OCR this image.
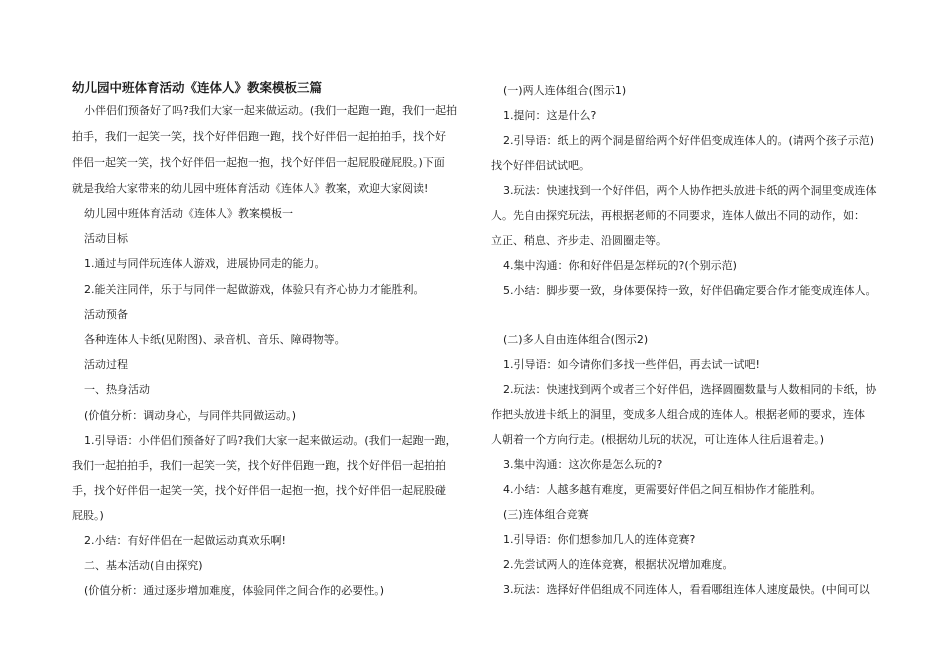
幼儿园中班体育活动《连体人》教案模板三篇
小伴侣们预备好了吗?我们大家一起来做运动。(我们一起跑一跑，我们一起拍
拍手，我们一起笑一笑，找个好伴侣跑一跑，找个好伴侣一起拍拍手，找个好
伴侣一起笑一笑，找个好伴侣一起抱一抱，找个好伴侣一起屁股碰屁股。)下面
就是我给大家带来的幼儿园中班体育活动《连体人》教案，欢迎大家阅读!
幼儿园中班体育活动《连体人》教案模板一
活动目标
1.通过与同伴玩连体人游戏，进展协同走的能力。
2.能关注同伴，乐于与同伴一起做游戏，体验只有齐心协力才能胜利。
活动预备
各种连体人卡纸(见附图)、录音机、音乐、障碍物等。
活动过程
一、热身活动
(价值分析：调动身心，与同伴共同做运动。)
1.引导语：小伴侣们预备好了吗?我们大家一起来做运动。(我们一起跑一跑，
我们一起拍拍手，我们一起笑一笑，找个好伴侣跑一跑，找个好伴侣一起拍拍
手，找个好伴侣一起笑一笑，找个好伴侣一起抱一抱，找个好伴侣一起屁股碰
屁股。)
2.小结：有好伴侣在一起做运动真欢乐啊!
二、基本活动(自由探究)
(价值分析：通过逐步增加难度，体验同伴之间合作的必要性。)
(一)两人连体组合(图示1)
1.提问：这是什么?
2.引导语：纸上的两个洞是留给两个好伴侣变成连体人的。(请两个孩子示范)
找个好伴侣试试吧。
3.玩法：快速找到一个好伴侣，两个人协作把头放进卡纸的两个洞里变成连体
人。先自由探究玩法，再根据老师的不同要求，连体人做出不同的动作，如：
立正、稍息、齐步走、沿圆圈走等。
4.集中沟通：你和好伴侣是怎样玩的?(个别示范)
5.小结：脚步要一致，身体要保持一致，好伴侣确定要合作才能变成连体人。
(二)多人自由连体组合(图示2)
1.引导语：如今请你们多找一些伴侣，再去试一试吧!
2.玩法：快速找到两个或者三个好伴侣，选择圆圈数量与人数相同的卡纸，协
作把头放进卡纸上的洞里，变成多人组合成的连体人。根据老师的要求，连体
人朝着一个方向行走。(根据幼儿玩的状况，可让连体人往后退着走。)
3.集中沟通：这次你是怎么玩的?
4.小结：人越多越有难度，更需要好伴侣之间互相协作才能胜利。
(三)连体组合竞赛
1.引导语：你们想参加几人的连体竞赛?
2.先尝试两人的连体竞赛，根据状况增加难度。
3.玩法：选择好伴侣组成不同连体人，看看哪组连体人速度最快。(中间可以
